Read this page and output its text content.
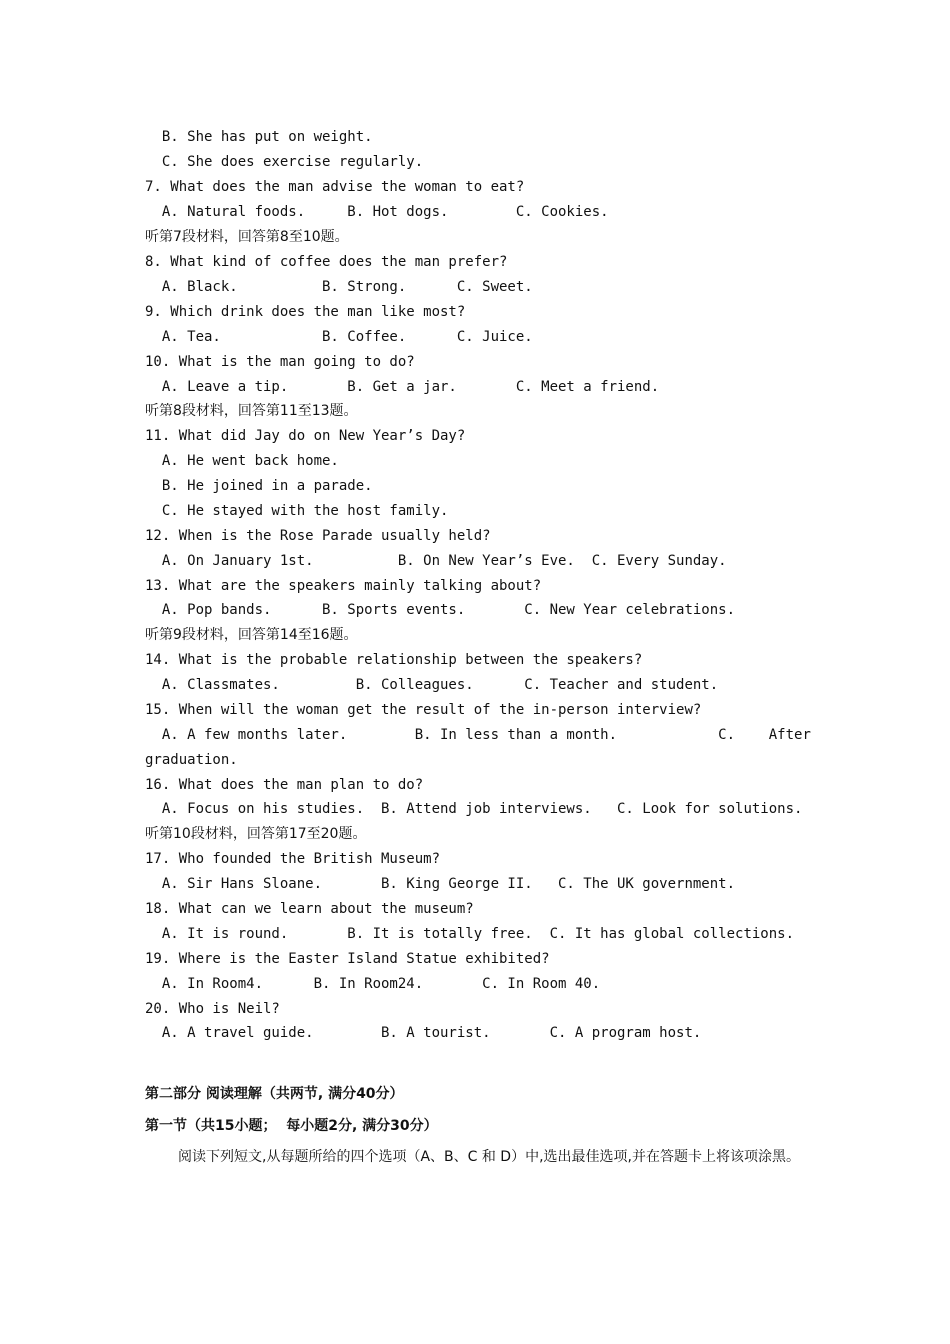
B. She has put on weight.
C. She does exercise regularly.
7. What does the man advise the woman to eat?
A. Natural foods.     B. Hot dogs.        C. Cookies.
听第7段材料，回答第8至10题。
8. What kind of coffee does the man prefer?
A. Black.          B. Strong.      C. Sweet.
9. Which drink does the man like most?
A. Tea.            B. Coffee.      C. Juice.
10. What is the man going to do?
A. Leave a tip.       B. Get a jar.       C. Meet a friend.
听第8段材料，回答第11至13题。
11. What did Jay do on New Year’s Day?
A. He went back home.
B. He joined in a parade.
C. He stayed with the host family.
12. When is the Rose Parade usually held?
A. On January 1st.          B. On New Year’s Eve.  C. Every Sunday.
13. What are the speakers mainly talking about?
A. Pop bands.      B. Sports events.       C. New Year celebrations.
听第9段材料，回答第14至16题。
14. What is the probable relationship between the speakers?
A. Classmates.         B. Colleagues.      C. Teacher and student.
15. When will the woman get the result of the in-person interview?
A. A few months later.        B. In less than a month.            C.    After
graduation.
16. What does the man plan to do?
A. Focus on his studies.  B. Attend job interviews.   C. Look for solutions.
听第10段材料，回答第17至20题。
17. Who founded the British Museum?
A. Sir Hans Sloane.       B. King George II.   C. The UK government.
18. What can we learn about the museum?
A. It is round.       B. It is totally free.  C. It has global collections.
19. Where is the Easter Island Statue exhibited?
A. In Room4.      B. In Room24.       C. In Room 40.
20. Who is Neil?
A. A travel guide.        B. A tourist.       C. A program host.
第二部分 阅读理解（共两节, 满分40分）
第一节（共15小题；  每小题2分, 满分30分）
阅读下列短文,从每题所给的四个选项（A、B、C 和 D）中,选出最佳选项,并在答题卡上将该项涂黑。
